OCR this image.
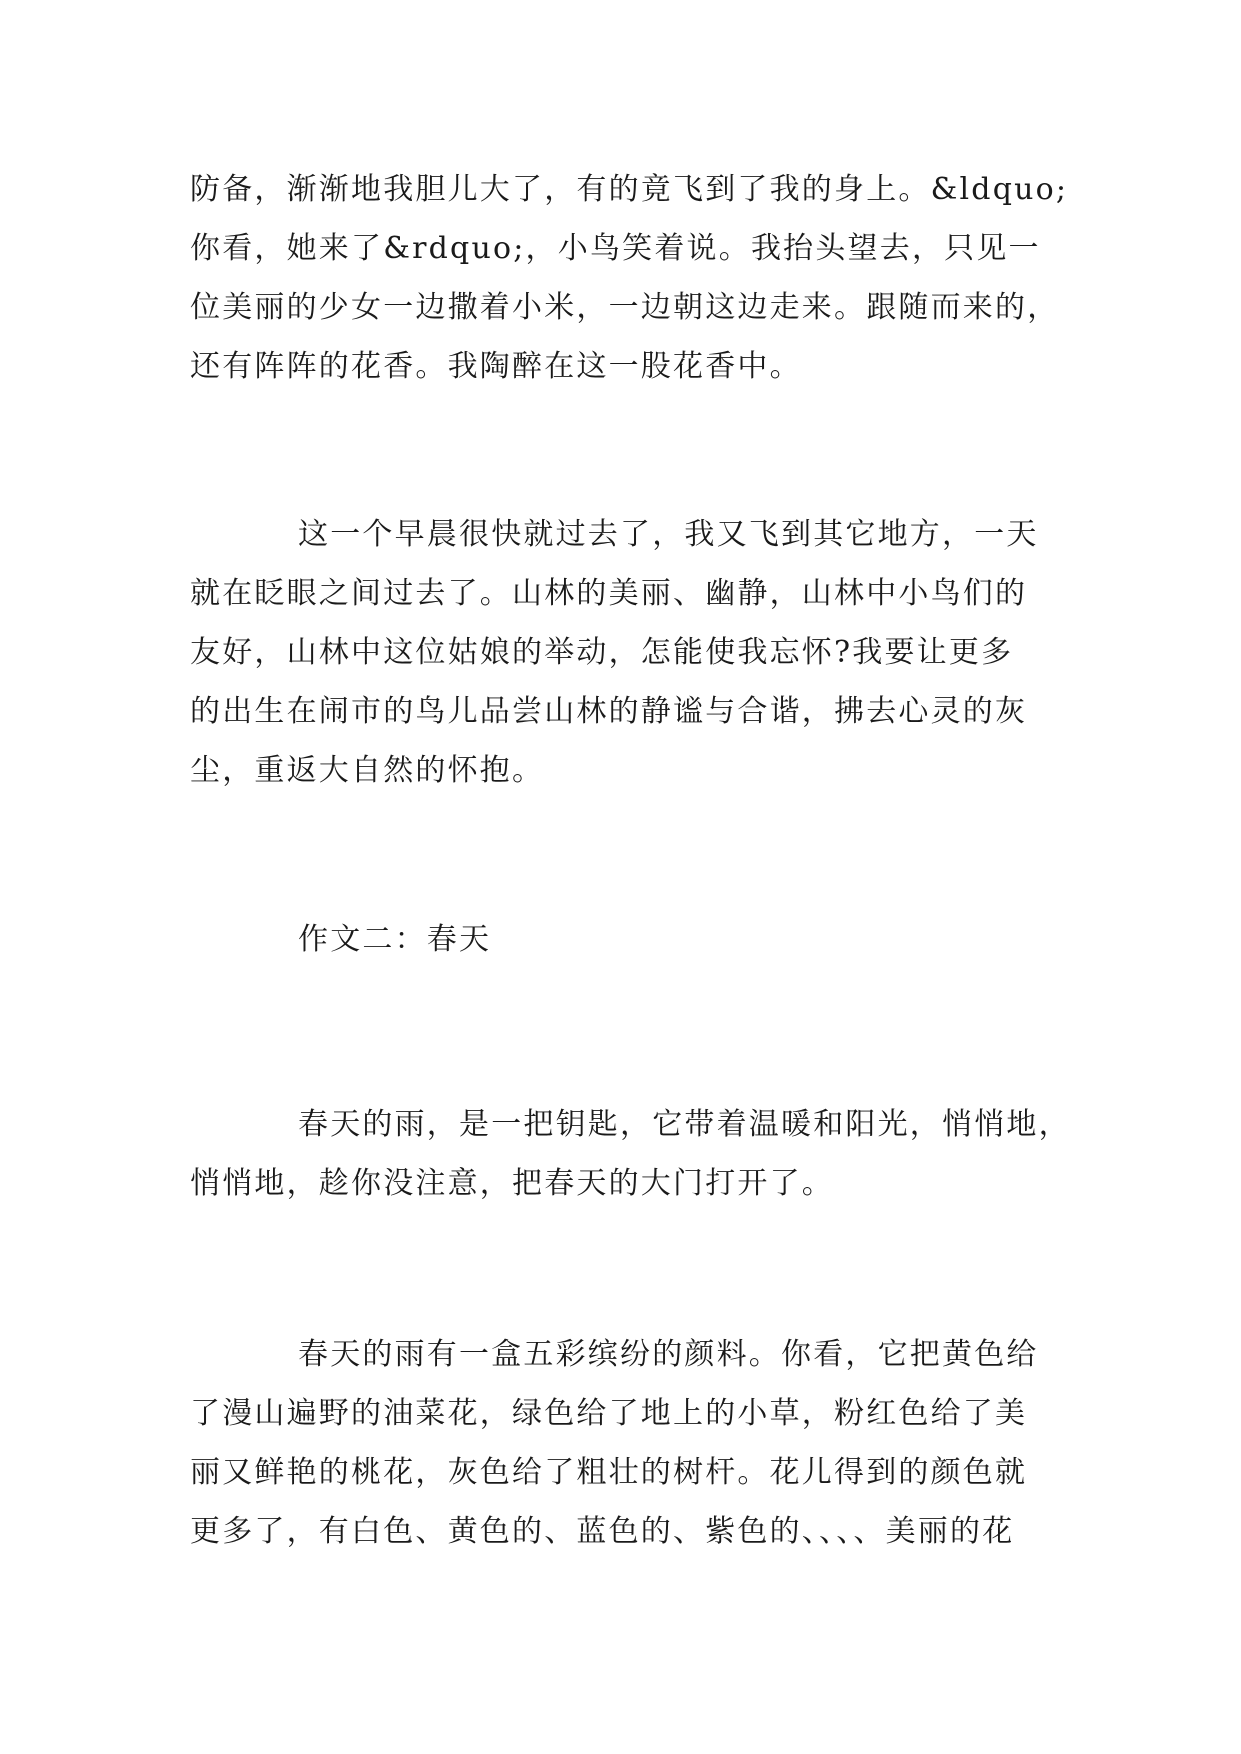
防备，渐渐地我胆儿大了，有的竟飞到了我的身上。&ldquo;
你看，她来了&rdquo;，小鸟笑着说。我抬头望去，只见一
位美丽的少女一边撒着小米，一边朝这边走来。跟随而来的，
还有阵阵的花香。我陶醉在这一股花香中。

这一个早晨很快就过去了，我又飞到其它地方，一天
就在眨眼之间过去了。山林的美丽、幽静，山林中小鸟们的
友好，山林中这位姑娘的举动，怎能使我忘怀?我要让更多
的出生在闹市的鸟儿品尝山林的静谧与合谐，拂去心灵的灰
尘，重返大自然的怀抱。

作文二：春天

春天的雨，是一把钥匙，它带着温暖和阳光，悄悄地，
悄悄地，趁你没注意，把春天的大门打开了。

春天的雨有一盒五彩缤纷的颜料。你看，它把黄色给
了漫山遍野的油菜花，绿色给了地上的小草，粉红色给了美
丽又鲜艳的桃花，灰色给了粗壮的树杆。花儿得到的颜色就
更多了，有白色、黄色的、蓝色的、紫色的、、、、美丽的花
